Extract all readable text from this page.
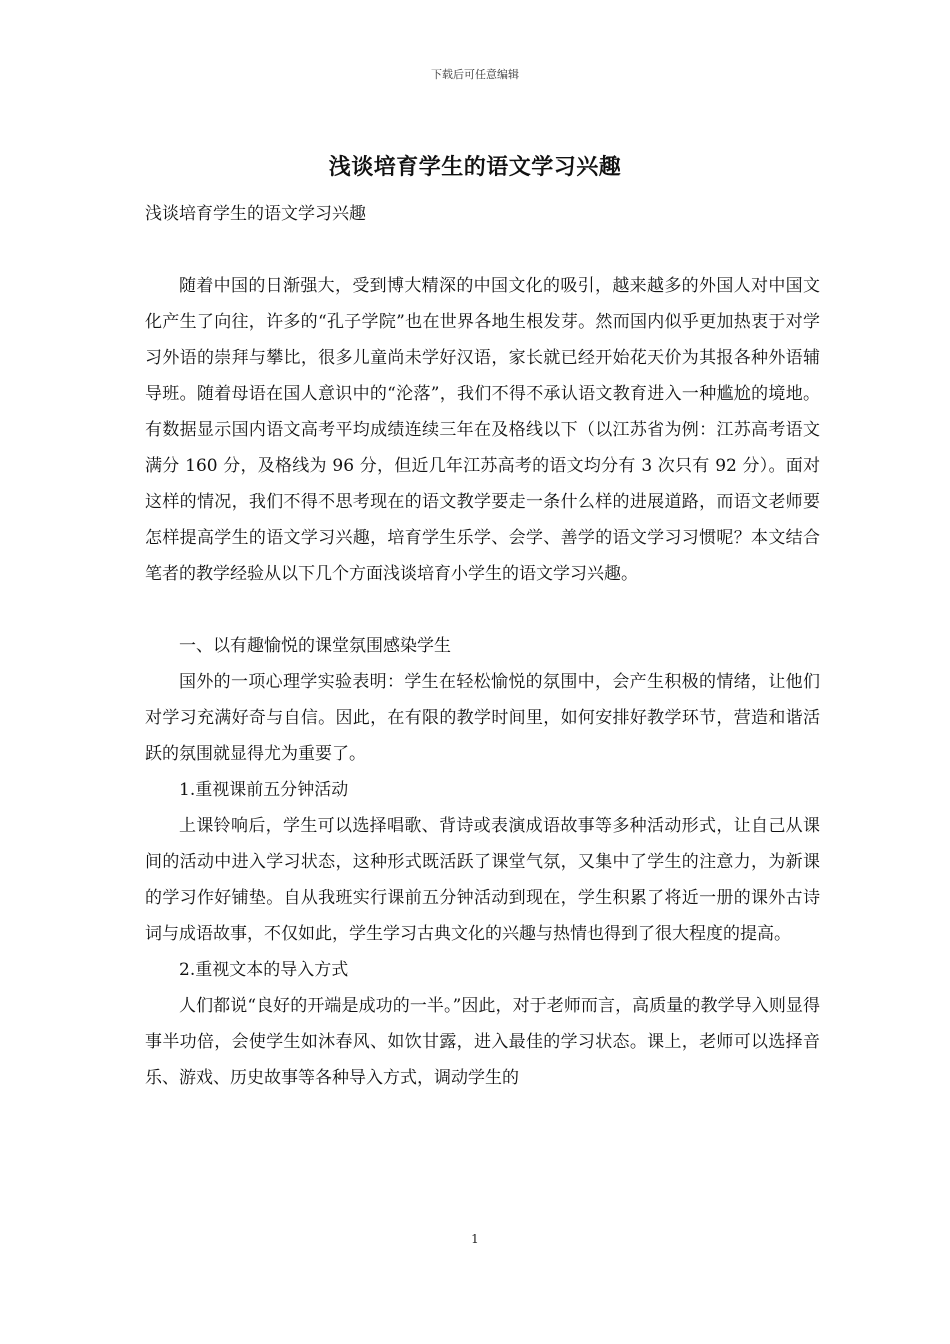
下载后可任意编辑
浅谈培育学生的语文学习兴趣

浅谈培育学生的语文学习兴趣

随着中国的日渐强大，受到博大精深的中国文化的吸引，越来越多的外国人对中国文化产生了向往，许多的“孔子学院”也在世界各地生根发芽。然而国内似乎更加热衷于对学习外语的崇拜与攀比，很多儿童尚未学好汉语，家长就已经开始花天价为其报各种外语辅导班。随着母语在国人意识中的“沦落”，我们不得不承认语文教育进入一种尴尬的境地。有数据显示国内语文高考平均成绩连续三年在及格线以下（以江苏省为例：江苏高考语文满分 160 分，及格线为 96 分，但近几年江苏高考的语文均分有 3 次只有 92 分）。面对这样的情况，我们不得不思考现在的语文教学要走一条什么样的进展道路，而语文老师要怎样提高学生的语文学习兴趣，培育学生乐学、会学、善学的语文学习习惯呢？本文结合笔者的教学经验从以下几个方面浅谈培育小学生的语文学习兴趣。

一、以有趣愉悦的课堂氛围感染学生

国外的一项心理学实验表明：学生在轻松愉悦的氛围中，会产生积极的情绪，让他们对学习充满好奇与自信。因此，在有限的教学时间里，如何安排好教学环节，营造和谐活跃的氛围就显得尤为重要了。

1.重视课前五分钟活动

上课铃响后，学生可以选择唱歌、背诗或表演成语故事等多种活动形式，让自己从课间的活动中进入学习状态，这种形式既活跃了课堂气氛，又集中了学生的注意力，为新课的学习作好铺垫。自从我班实行课前五分钟活动到现在，学生积累了将近一册的课外古诗词与成语故事，不仅如此，学生学习古典文化的兴趣与热情也得到了很大程度的提高。

2.重视文本的导入方式

人们都说“良好的开端是成功的一半。”因此，对于老师而言，高质量的教学导入则显得事半功倍，会使学生如沐春风、如饮甘露，进入最佳的学习状态。课上，老师可以选择音乐、游戏、历史故事等各种导入方式，调动学生的

1
